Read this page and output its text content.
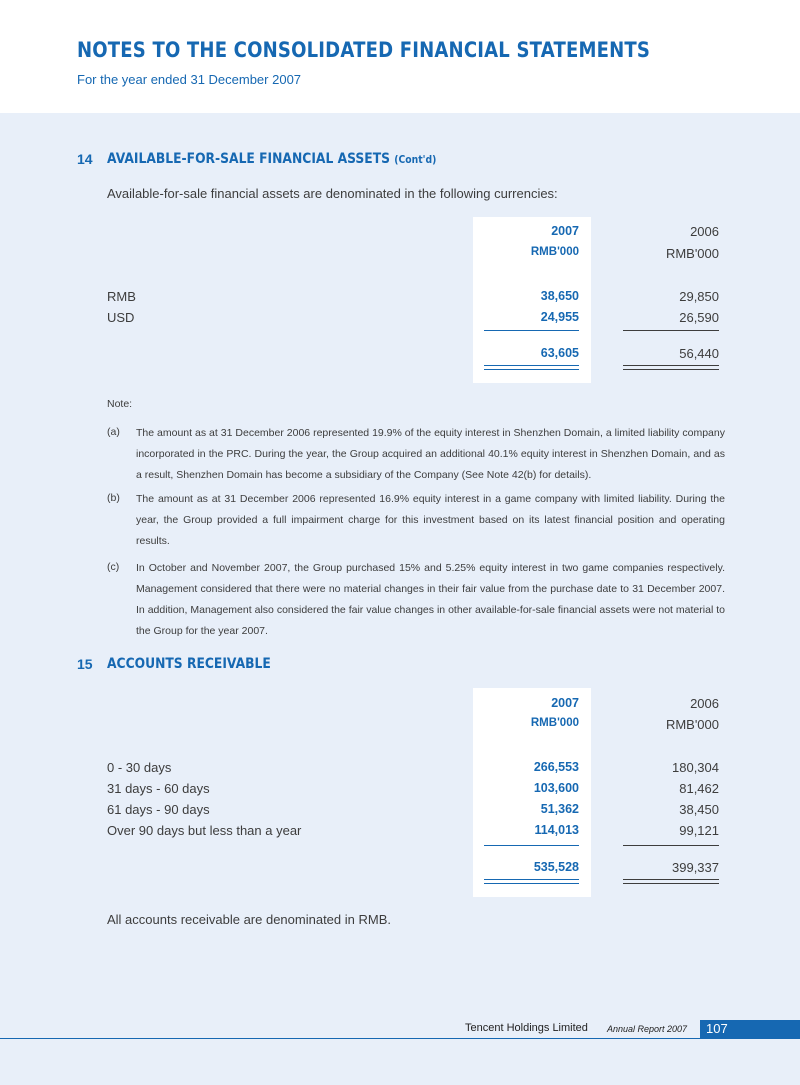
NOTES TO THE CONSOLIDATED FINANCIAL STATEMENTS
For the year ended 31 December 2007
14 AVAILABLE-FOR-SALE FINANCIAL ASSETS (Cont'd)
Available-for-sale financial assets are denominated in the following currencies:
2007	2006
RMB'000	RMB'000
RMB	38,650	29,850
USD	24,955	26,590
63,605	56,440
Note:
(a) The amount as at 31 December 2006 represented 19.9% of the equity interest in Shenzhen Domain, a limited liability company incorporated in the PRC. During the year, the Group acquired an additional 40.1% equity interest in Shenzhen Domain, and as a result, Shenzhen Domain has become a subsidiary of the Company (See Note 42(b) for details).
(b) The amount as at 31 December 2006 represented 16.9% equity interest in a game company with limited liability. During the year, the Group provided a full impairment charge for this investment based on its latest financial position and operating results.
(c) In October and November 2007, the Group purchased 15% and 5.25% equity interest in two game companies respectively. Management considered that there were no material changes in their fair value from the purchase date to 31 December 2007. In addition, Management also considered the fair value changes in other available-for-sale financial assets were not material to the Group for the year 2007.
15 ACCOUNTS RECEIVABLE
2007	2006
RMB'000	RMB'000
0 - 30 days	266,553	180,304
31 days - 60 days	103,600	81,462
61 days - 90 days	51,362	38,450
Over 90 days but less than a year	114,013	99,121
535,528	399,337
All accounts receivable are denominated in RMB.
Tencent Holdings Limited Annual Report 2007 107
